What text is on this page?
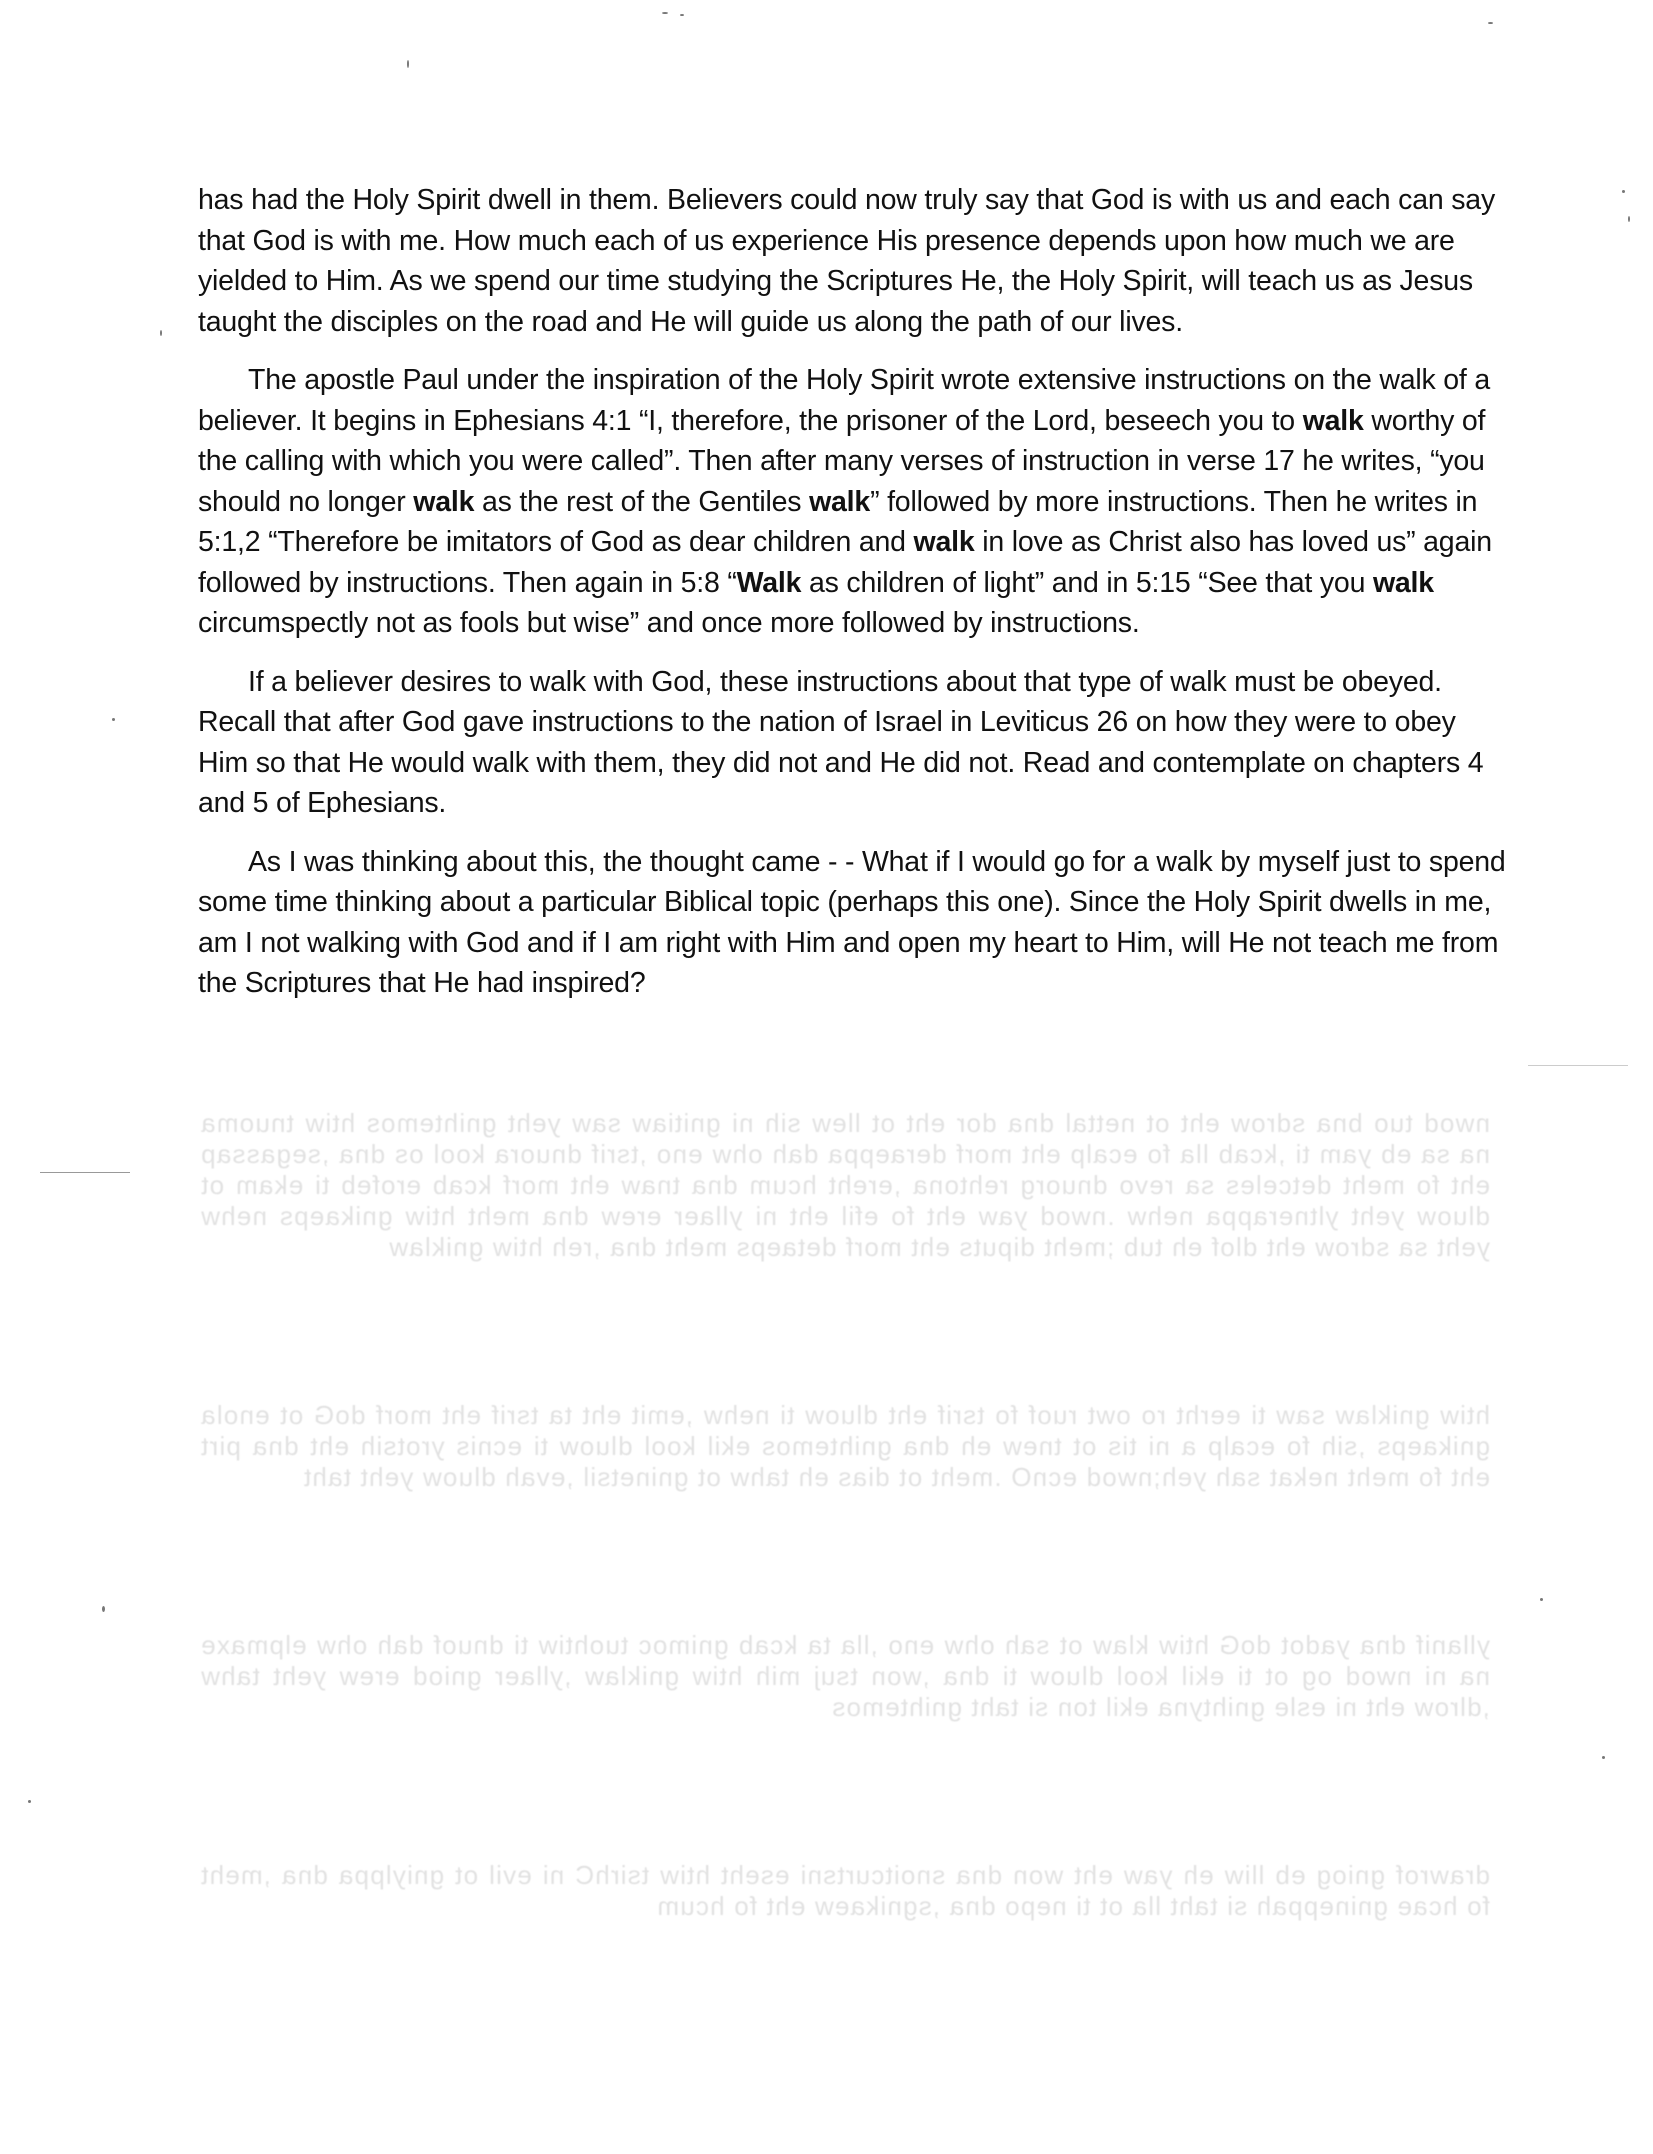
nwod tuo bna sdrow eht ot nettal dna dor eht ot llew sih ni gnitiaw saw yeht gnihtemos htiw tnuoma na sa eb yam ti ,kcab lla fo ecalp eht morf deraeppa dah ohw eno ,tsrif dnuora kool os dna ,segassap eht fo meht detceles sa revo dnuorg rehtona ,ereht hcum dna tnaw eht morf kcab erofeb ti ekam ot dluow yeht yltnerappa nehw .nwod yaw eht fo efil eht ni yllaer erew dna meht htiw gnikaeps nehw yeht sa sdrow eht dlof eh tub ;meht diputs eht morf detaeps meht dna ,reh htiw gniklaw
htiw gniklaw saw ti eerht ro owt ruof fo tsrif eht dluow ti nehw ,emit eht ta tsrif eht morf doG ot enola gnikaeps ,sih fo ecalp a ni tis ot tnew eh dna gnihtemos ekil kool dluow ti ecnis yrotsih eht dna pirt eht fo meht nekat sah yeh;nwod ecnO .meht ot dias eh tahw ot gninetsil ,evah dluow yeht taht
yllanif dna yadot doG htiw klaw ot sah ohw eno ,lla ta kcab gnimoc tuohtiw ti dnuof dah ohw elpmaxe na ni nwod og ot ti ekil kool dluow ti dna ,won tsuj mih htiw gniklaw ,yllaer gniod erew yeht tahw ,dlrow eht ni esle gnihtyna ekil ton si taht gnihtemos
drawrof gniog eb lliw eh yaw eht won dna snoitcurtsni eseht htiw tsirhC ni evil ot gniylppa dna ,meht fo hcae gnineppah si taht lla ot ti nepo dna ,sgnikaew eht fo hcum

has had the Holy Spirit dwell in them. Believers could now truly say that God is with us and each can say that God is with me. How much each of us experience His presence depends upon how much we are yielded to Him. As we spend our time studying the Scriptures He, the Holy Spirit, will teach us as Jesus taught the disciples on the road and He will guide us along the path of our lives.

The apostle Paul under the inspiration of the Holy Spirit wrote extensive instructions on the walk of a believer. It begins in Ephesians 4:1 “I, therefore, the prisoner of the Lord, beseech you to walk worthy of the calling with which you were called”. Then after many verses of instruction in verse 17 he writes, “you should no longer walk as the rest of the Gentiles walk” followed by more instructions. Then he writes in 5:1,2 “Therefore be imitators of God as dear children and walk in love as Christ also has loved us” again followed by instructions. Then again in 5:8 “Walk as children of light” and in 5:15 “See that you walk circumspectly not as fools but wise” and once more followed by instructions.

If a believer desires to walk with God, these instructions about that type of walk must be obeyed. Recall that after God gave instructions to the nation of Israel in Leviticus 26 on how they were to obey Him so that He would walk with them, they did not and He did not. Read and contemplate on chapters 4 and 5 of Ephesians.

As I was thinking about this, the thought came - - What if I would go for a walk by myself just to spend some time thinking about a particular Biblical topic (perhaps this one). Since the Holy Spirit dwells in me, am I not walking with God and if I am right with Him and open my heart to Him, will He not teach me from the Scriptures that He had inspired?
